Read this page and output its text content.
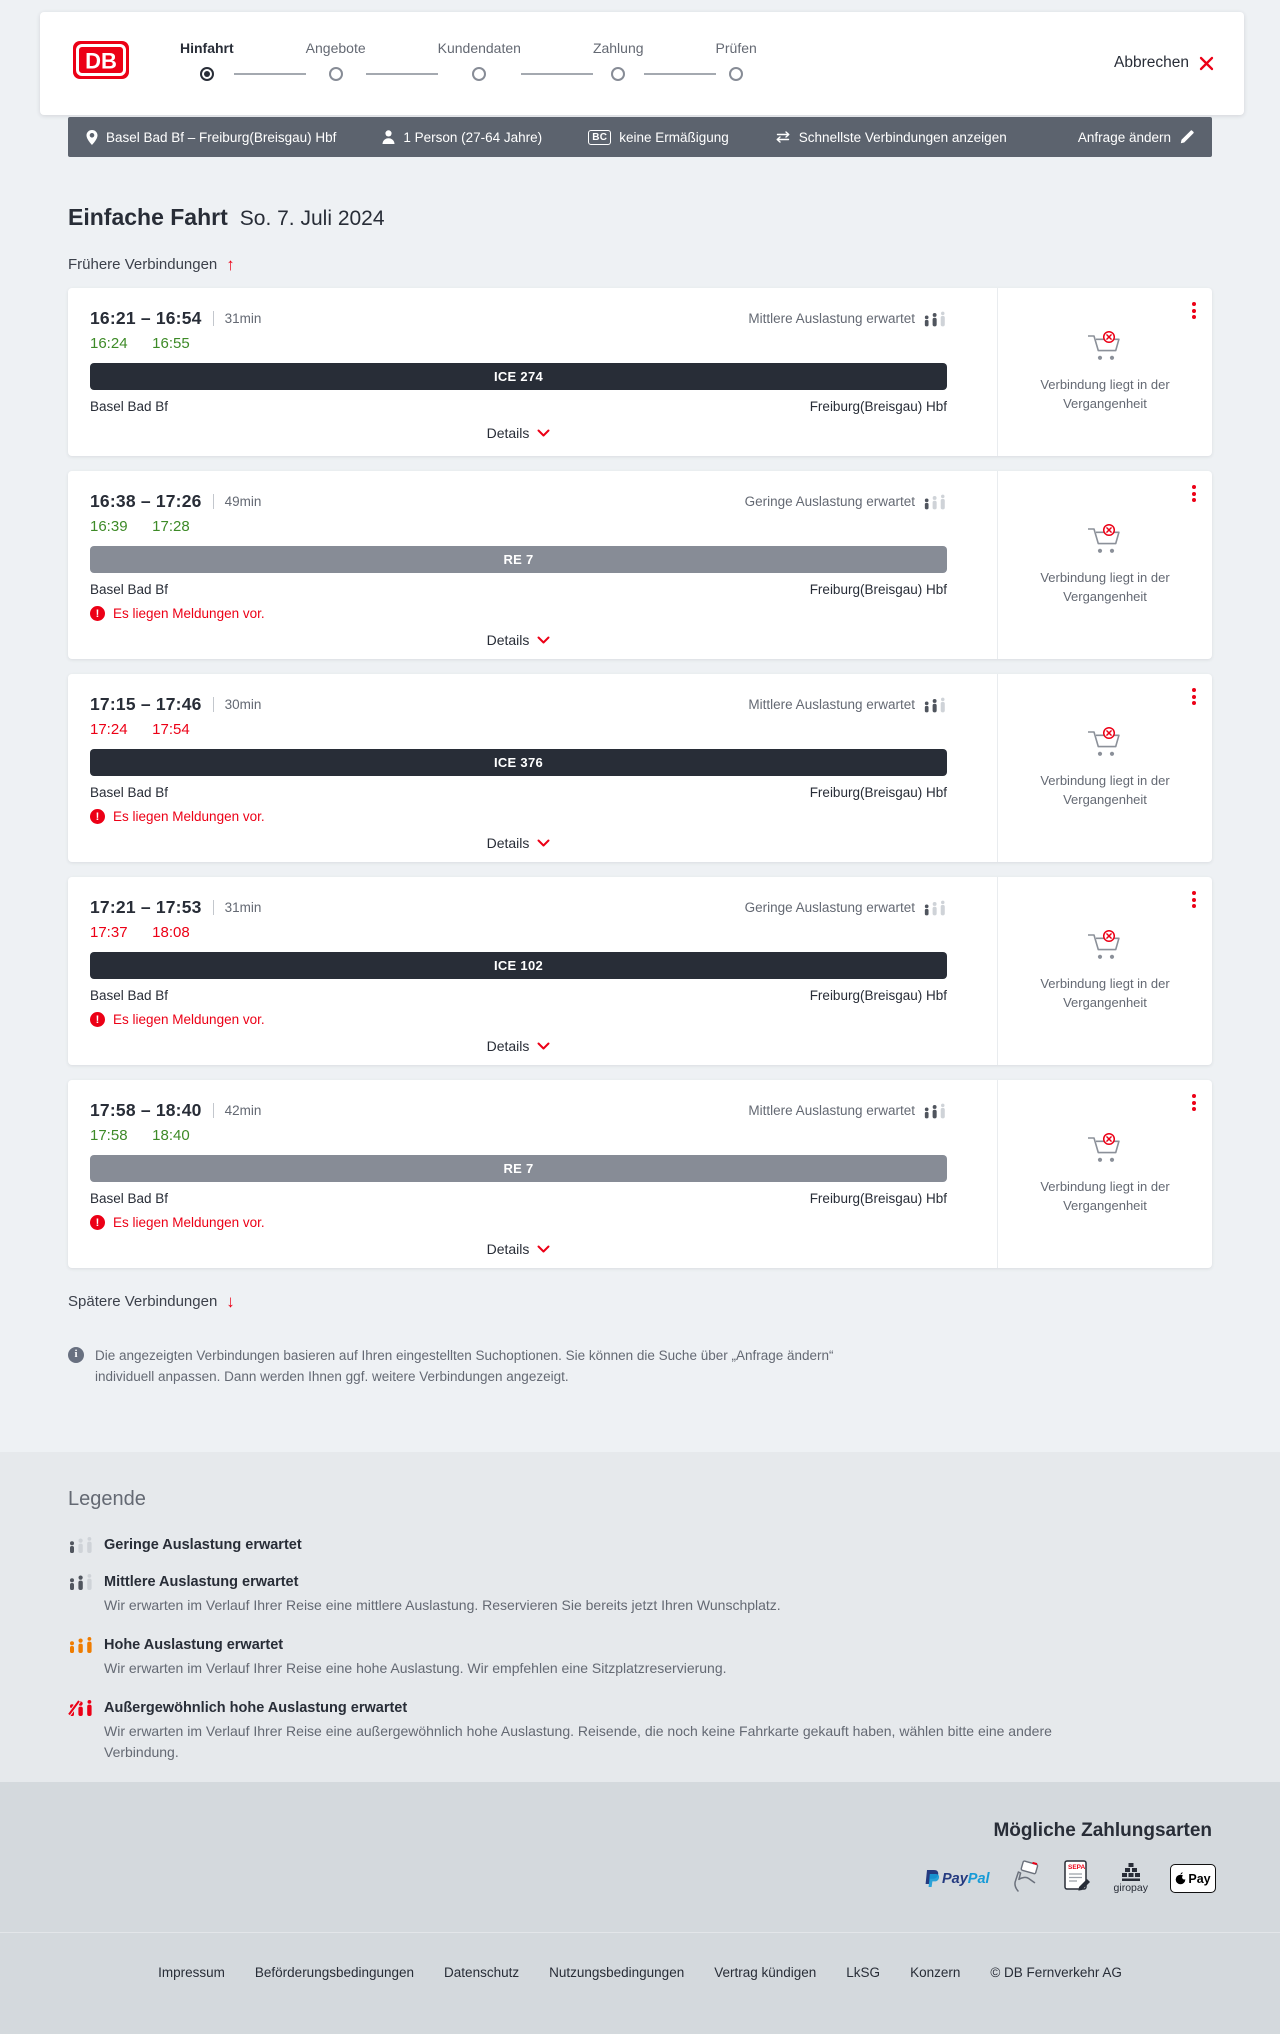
DB
Hinfahrt	Angebote	Kundendaten	Zahlung	Prüfen
Abbrechen
Basel Bad Bf – Freiburg(Breisgau) Hbf	1 Person (27-64 Jahre)	BC keine Ermäßigung	Schnellste Verbindungen anzeigen	Anfrage ändern
Einfache Fahrt So. 7. Juli 2024
Frühere Verbindungen ↑
16:21 – 16:54 31min	Mittlere Auslastung erwartet
16:24 16:55
ICE 274
Basel Bad Bf	Freiburg(Breisgau) Hbf
Details
Verbindung liegt in der Vergangenheit
16:38 – 17:26 49min	Geringe Auslastung erwartet
16:39 17:28
RE 7
Basel Bad Bf	Freiburg(Breisgau) Hbf
!	Es liegen Meldungen vor.
Details
Verbindung liegt in der Vergangenheit
17:15 – 17:46 30min	Mittlere Auslastung erwartet
17:24 17:54
ICE 376
Basel Bad Bf	Freiburg(Breisgau) Hbf
!	Es liegen Meldungen vor.
Details
Verbindung liegt in der Vergangenheit
17:21 – 17:53 31min	Geringe Auslastung erwartet
17:37 18:08
ICE 102
Basel Bad Bf	Freiburg(Breisgau) Hbf
!	Es liegen Meldungen vor.
Details
Verbindung liegt in der Vergangenheit
17:58 – 18:40 42min	Mittlere Auslastung erwartet
17:58 18:40
RE 7
Basel Bad Bf	Freiburg(Breisgau) Hbf
!	Es liegen Meldungen vor.
Details
Verbindung liegt in der Vergangenheit
Spätere Verbindungen ↓
i	Die angezeigten Verbindungen basieren auf Ihren eingestellten Suchoptionen. Sie können die Suche über „Anfrage ändern“ individuell anpassen. Dann werden Ihnen ggf. weitere Verbindungen angezeigt.
Legende
Geringe Auslastung erwartet
Mittlere Auslastung erwartet
Wir erwarten im Verlauf Ihrer Reise eine mittlere Auslastung. Reservieren Sie bereits jetzt Ihren Wunschplatz.
Hohe Auslastung erwartet
Wir erwarten im Verlauf Ihrer Reise eine hohe Auslastung. Wir empfehlen eine Sitzplatzreservierung.
Außergewöhnlich hohe Auslastung erwartet
Wir erwarten im Verlauf Ihrer Reise eine außergewöhnlich hohe Auslastung. Reisende, die noch keine Fahrkarte gekauft haben, wählen bitte eine andere Verbindung.
Mögliche Zahlungsarten
PayPal
SEPA
giropay
Pay
Impressum Beförderungsbedingungen Datenschutz Nutzungsbedingungen Vertrag kündigen LkSG Konzern © DB Fernverkehr AG
